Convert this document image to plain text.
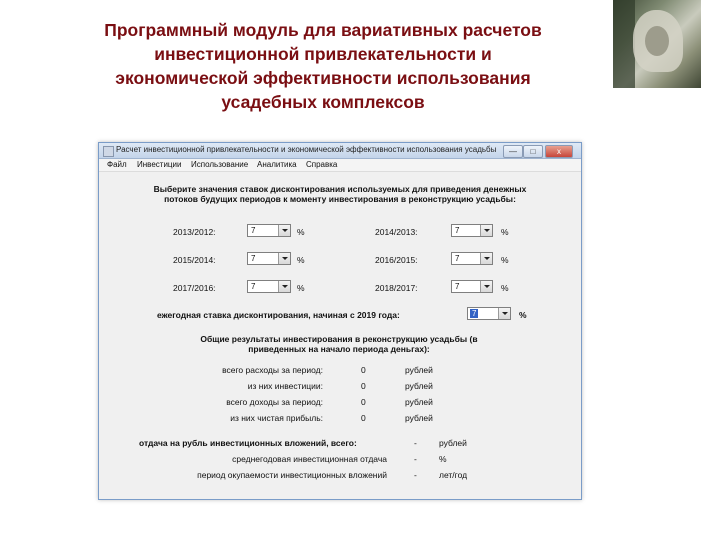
Программный модуль для вариативных расчетов
инвестиционной привлекательности и
экономической эффективности использования
усадебных комплексов
Расчет инвестиционной привлекательности и экономической эффективности использования усадьбы	—	□	x
Файл Инвестиции Использование Аналитика Справка
Выберите значения ставок дисконтирования используемых для приведения денежных
потоков будущих периодов к моменту инвестирования в реконструкцию усадьбы:
2013/2012:	7	%
2015/2014:	7	%
2017/2016:	7	%
2014/2013:	7	%
2016/2015:	7	%
2018/2017:	7	%
ежегодная ставка дисконтирования, начиная с 2019 года:	7	%
Общие результаты инвестирования в реконструкцию усадьбы (в
приведенных на начало периода деньгах):
всего расходы за период:	0	рублей
из них инвестиции:	0	рублей
всего доходы за период:	0	рублей
из них чистая прибыль:	0	рублей
отдача на рубль инвестиционных вложений, всего:	-	рублей
среднегодовая инвестиционная отдача	-	%
период окупаемости инвестиционных вложений	-	лет/год
